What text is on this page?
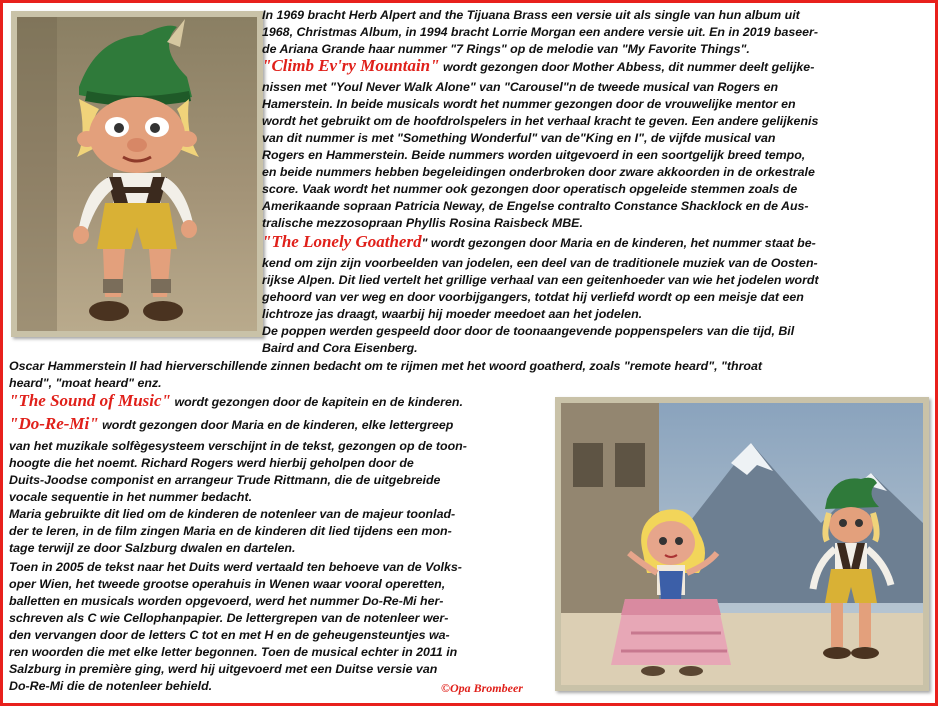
In 1969 bracht Herb Alpert and the Tijuana Brass een versie uit als single van hun album uit

1968, Christmas Album, in 1994 bracht Lorrie Morgan een andere versie uit. En in 2019 baseer-

de Ariana Grande haar nummer "7 Rings" op de melodie van "My Favorite Things".

"Climb Ev'ry Mountain" wordt gezongen door Mother Abbess, dit nummer deelt gelijke-

nissen met "Youl Never Walk Alone" van "Carousel"n de tweede musical van Rogers en

Hamerstein. In beide musicals wordt het nummer gezongen door de vrouwelijke mentor en

wordt het gebruikt om de hoofdrolspelers in het verhaal kracht te geven. Een andere gelijkenis

van dit nummer is met "Something Wonderful" van de"King en I", de vijfde musical van

Rogers en Hammerstein. Beide nummers worden uitgevoerd in een soortgelijk breed tempo,

en beide nummers hebben begeleidingen onderbroken door zware akkoorden in de orkestrale

score. Vaak wordt het nummer ook gezongen door operatisch opgeleide stemmen zoals de

Amerikaande sopraan Patricia Neway, de Engelse contralto Constance Shacklock en de Aus-

tralische mezzosopraan Phyllis Rosina Raisbeck MBE.

"The Lonely Goatherd" wordt gezongen door Maria en de kinderen, het nummer staat be-

kend om zijn zijn voorbeelden van jodelen, een deel van de traditionele muziek van de Oosten-

rijkse Alpen. Dit lied vertelt het grillige verhaal van een geitenhoeder van wie het jodelen wordt

gehoord van ver weg en door voorbijgangers, totdat hij verliefd wordt op een meisje dat een

lichtroze jas draagt, waarbij hij moeder meedoet aan het jodelen.

De poppen werden gespeeld door door de toonaangevende poppenspelers van die tijd, Bil

Baird and Cora Eisenberg.

Oscar Hammerstein Il had hierverschillende zinnen bedacht om te rijmen met het woord goatherd, zoals "remote heard", "throat

heard", "moat heard" enz.

"The Sound of Music" wordt gezongen door de kapitein en de kinderen.

"Do-Re-Mi" wordt gezongen door Maria en de kinderen, elke lettergreep

van het muzikale solfègesysteem verschijnt in de tekst, gezongen op de toon-

hoogte die het noemt. Richard Rogers werd hierbij geholpen door de

Duits-Joodse componist en arrangeur Trude Rittmann, die de uitgebreide

vocale sequentie in het nummer bedacht.

Maria gebruikte dit lied om de kinderen de notenleer van de majeur toonlad-

der te leren, in de film zingen Maria en de kinderen dit lied tijdens een mon-

tage terwijl ze door Salzburg dwalen en dartelen.

Toen in 2005 de tekst naar het Duits werd vertaald ten behoeve van de Volks-

oper Wien, het tweede grootse operahuis in Wenen waar vooral operetten,

balletten en musicals worden opgevoerd, werd het nummer Do-Re-Mi her-

schreven als C wie Cellophanpapier. De lettergrepen van de notenleer wer-

den vervangen door de letters C tot en met H en de geheugensteuntjes wa-

ren woorden die met elke letter begonnen. Toen de musical echter in 2011 in

Salzburg in première ging, werd hij uitgevoerd met een Duitse versie van

Do-Re-Mi die de notenleer behield.	©Opa Brombeer
